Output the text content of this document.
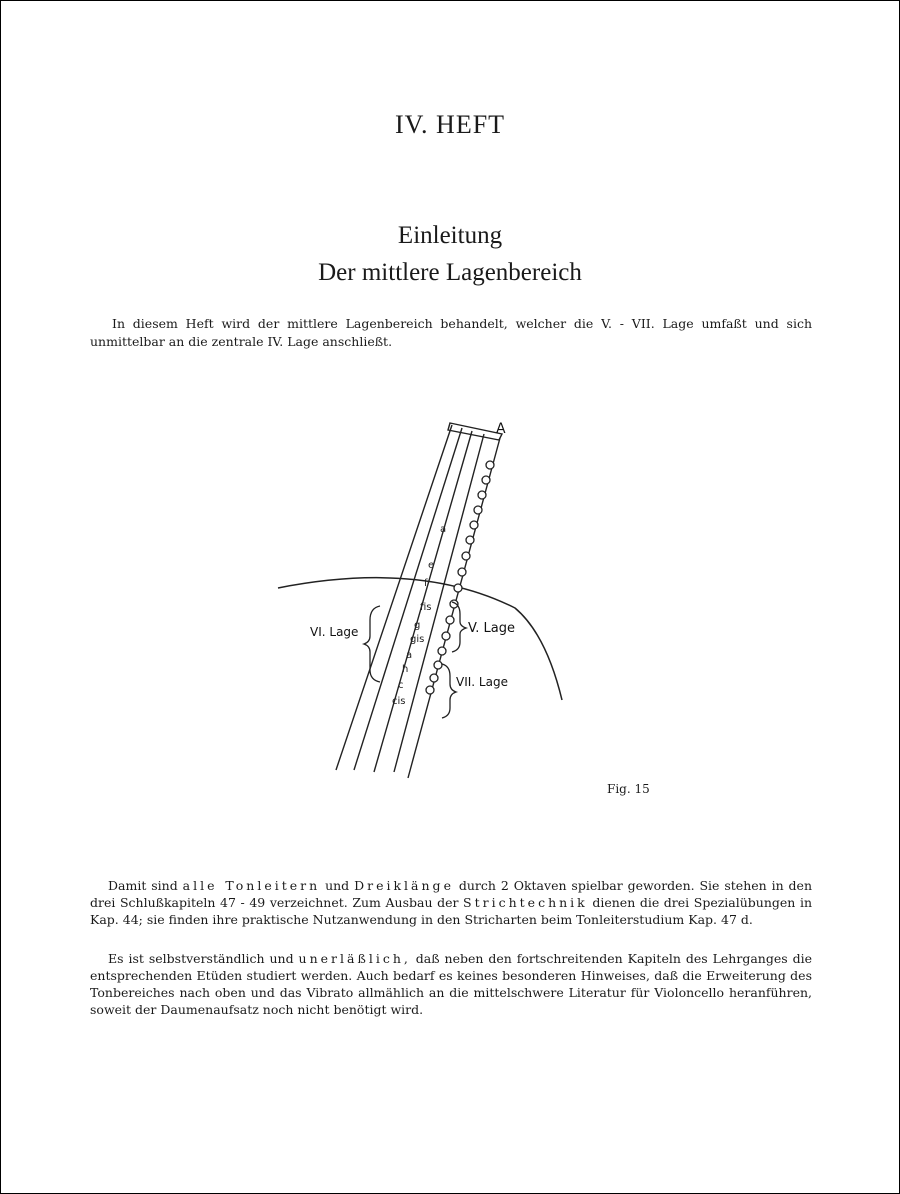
IV. HEFT
Einleitung
Der mittlere Lagenbereich

In diesem Heft wird der mittlere Lagenbereich behandelt, welcher die V. - VII. Lage umfaßt und sich unmittelbar an die zentrale IV. Lage anschließt.

A
a
e
f
fis
g
gis
a
h
c
cis
VI. Lage	V. Lage
VII. Lage
Fig. 15

Damit sind alle Tonleitern und Dreiklänge durch 2 Oktaven spielbar geworden. Sie stehen in den drei Schlußkapiteln 47 - 49 verzeichnet. Zum Ausbau der Strichtechnik dienen die drei Spezialübungen in Kap. 44; sie finden ihre praktische Nutzanwendung in den Stricharten beim Tonleiterstudium Kap. 47 d.

Es ist selbstverständlich und unerläßlich, daß neben den fortschreitenden Kapiteln des Lehrganges die entsprechenden Etüden studiert werden. Auch bedarf es keines besonderen Hinweises, daß die Erweiterung des Tonbereiches nach oben und das Vibrato allmählich an die mittelschwere Literatur für Violoncello heranführen, soweit der Daumenaufsatz noch nicht benötigt wird.
